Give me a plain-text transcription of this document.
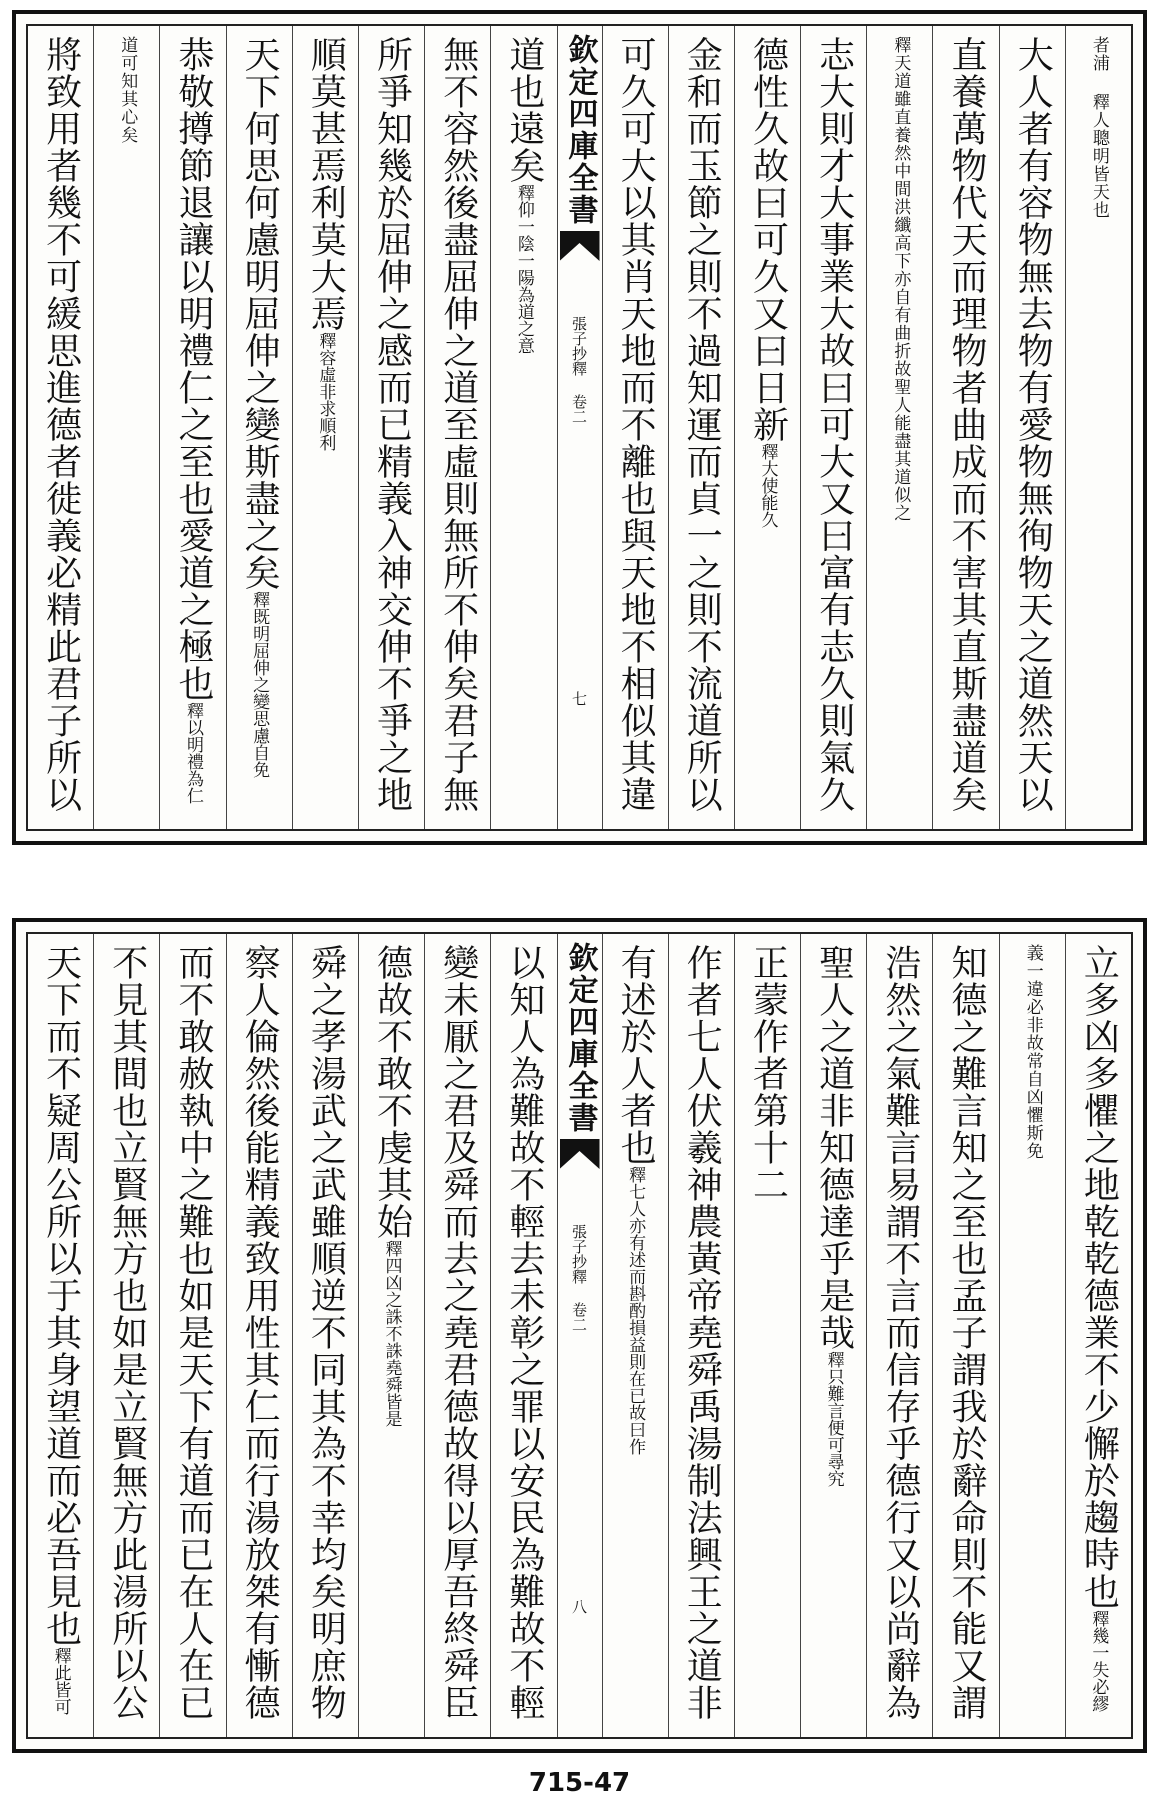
者浦 釋人聰明皆天也
大人者有容物無去物有愛物無徇物天之道然天以
直養萬物代天而理物者曲成而不害其直斯盡道矣
釋天道雖直養然中間洪纖高下亦自有曲折故聖人能盡其道似之
志大則才大事業大故曰可大又曰富有志久則氣久
德性久故曰可久又曰日新釋大使能久
金和而玉節之則不過知運而貞一之則不流道所以
可久可大以其肖天地而不離也與天地不相似其違
欽定四庫全書
張子抄釋 卷二
七
道也遠矣釋仰一陰一陽為道之意
無不容然後盡屈伸之道至虛則無所不伸矣君子無
所爭知幾於屈伸之感而已精義入神交伸不爭之地
順莫甚焉利莫大焉釋容虛非求順利
天下何思何慮明屈伸之變斯盡之矣釋既明屈伸之變思慮自免
恭敬撙節退讓以明禮仁之至也愛道之極也釋以明禮為仁
道可知其心矣
將致用者幾不可緩思進德者徙義必精此君子所以
立多凶多懼之地乾乾德業不少懈於趨時也釋幾一失必繆
義一違必非故常自凶懼斯免
知德之難言知之至也孟子謂我於辭命則不能又謂
浩然之氣難言易謂不言而信存乎德行又以尚辭為
聖人之道非知德達乎是哉釋只難言便可尋究
正蒙作者第十二
作者七人伏羲神農黃帝堯舜禹湯制法興王之道非
有述於人者也釋七人亦有述而斟酌損益則在已故曰作
欽定四庫全書
張子抄釋 卷二
八
以知人為難故不輕去未彰之罪以安民為難故不輕
變未厭之君及舜而去之堯君德故得以厚吾終舜臣
德故不敢不虔其始釋四凶之誅不誅堯舜皆是
舜之孝湯武之武雖順逆不同其為不幸均矣明庶物
察人倫然後能精義致用性其仁而行湯放桀有慚德
而不敢赦執中之難也如是天下有道而已在人在已
不見其間也立賢無方也如是立賢無方此湯所以公
天下而不疑周公所以于其身望道而必吾見也釋此皆可
715-47
